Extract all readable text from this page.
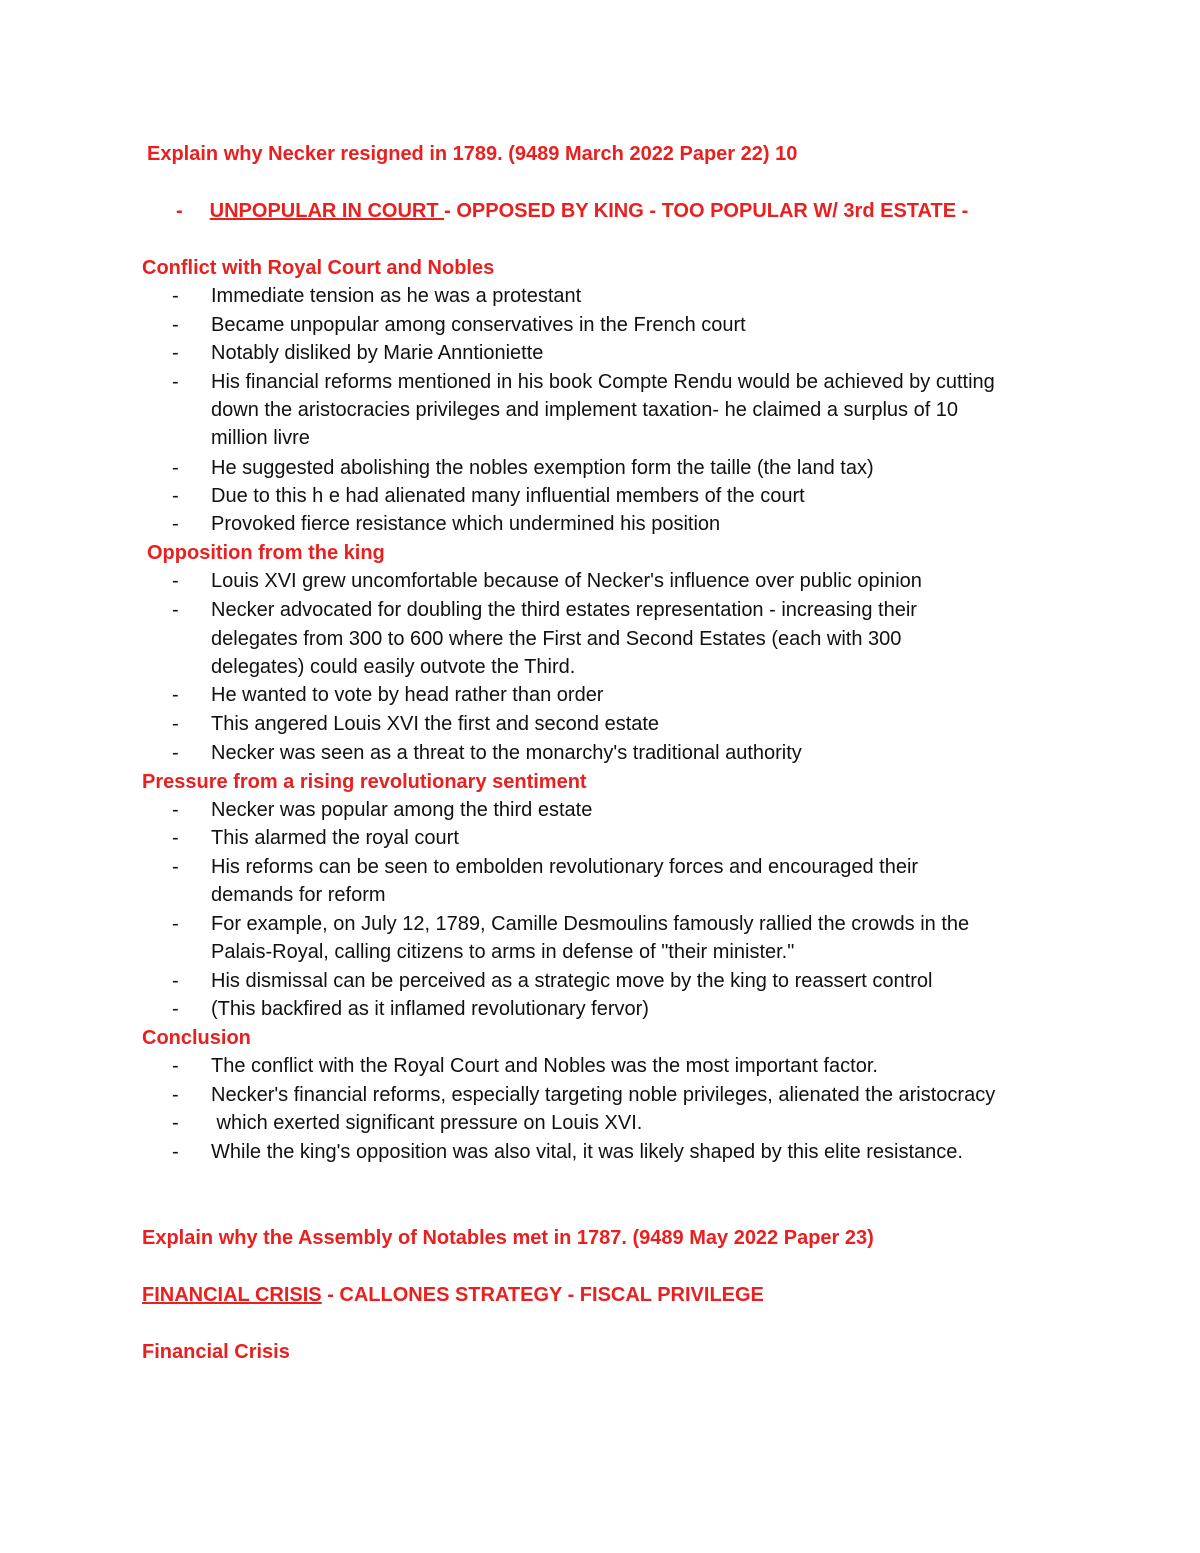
Explain why Necker resigned in 1789. (9489 March 2022 Paper 22) 10
- UNPOPULAR IN COURT - OPPOSED BY KING - TOO POPULAR W/ 3rd ESTATE -
Conflict with Royal Court and Nobles
-	Immediate tension as he was a protestant
-	Became unpopular among conservatives in the French court
-	Notably disliked by Marie Anntioniette
-	His financial reforms mentioned in his book Compte Rendu would be achieved by cutting
down the aristocracies privileges and implement taxation- he claimed a surplus of 10
million livre
-	He suggested abolishing the nobles exemption form the taille (the land tax)
-	Due to this h e had alienated many influential members of the court
-	Provoked fierce resistance which undermined his position
Opposition from the king
-	Louis XVI grew uncomfortable because of Necker's influence over public opinion
-	Necker advocated for doubling the third estates representation - increasing their
delegates from 300 to 600 where the First and Second Estates (each with 300
delegates) could easily outvote the Third.
-	He wanted to vote by head rather than order
-	This angered Louis XVI the first and second estate
-	Necker was seen as a threat to the monarchy's traditional authority
Pressure from a rising revolutionary sentiment
-	Necker was popular among the third estate
-	This alarmed the royal court
-	His reforms can be seen to embolden revolutionary forces and encouraged their
demands for reform
-	For example, on July 12, 1789, Camille Desmoulins famously rallied the crowds in the
Palais-Royal, calling citizens to arms in defense of "their minister."
-	His dismissal can be perceived as a strategic move by the king to reassert control
-	(This backfired as it inflamed revolutionary fervor)
Conclusion
-	The conflict with the Royal Court and Nobles was the most important factor.
-	Necker's financial reforms, especially targeting noble privileges, alienated the aristocracy
-	which exerted significant pressure on Louis XVI.
-	While the king's opposition was also vital, it was likely shaped by this elite resistance.
Explain why the Assembly of Notables met in 1787. (9489 May 2022 Paper 23)
FINANCIAL CRISIS - CALLONES STRATEGY - FISCAL PRIVILEGE
Financial Crisis
